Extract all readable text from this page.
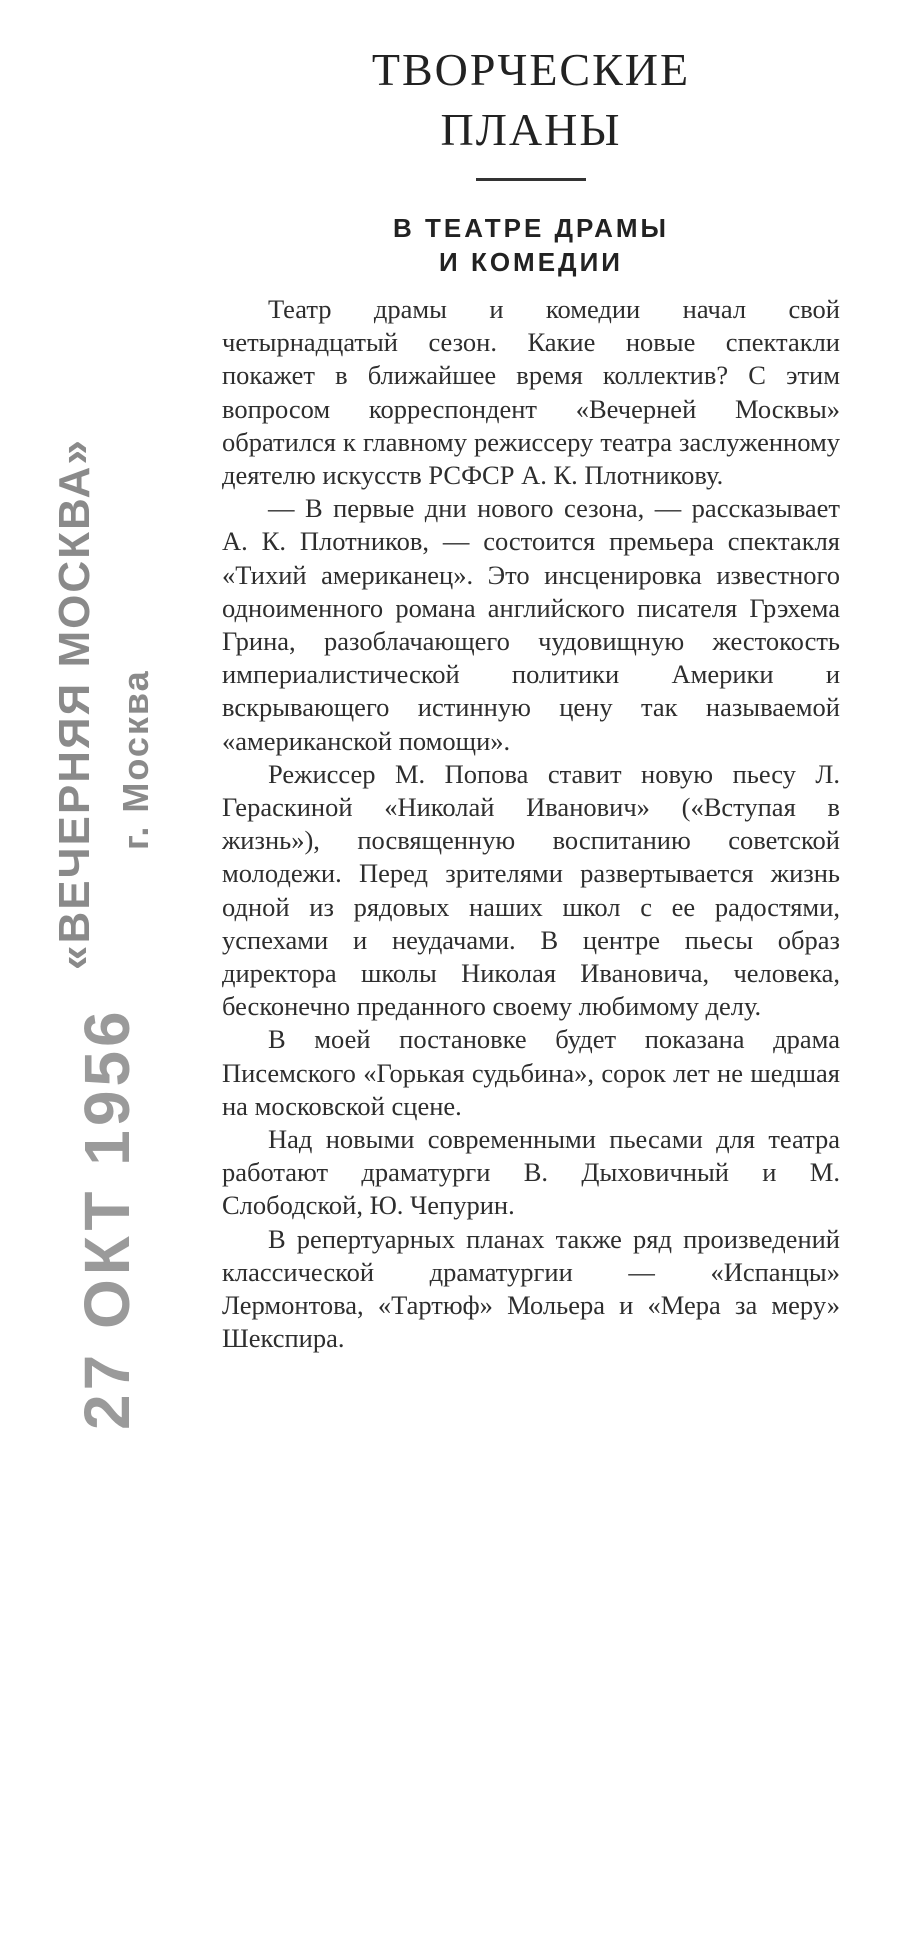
«ВЕЧЕРНЯЯ МОСКВА» г. Москва
27 ОКТ 1956
ТВОРЧЕСКИЕ
ПЛАНЫ
В ТЕАТРЕ ДРАМЫ
И КОМЕДИИ

Театр драмы и комедии начал свой четырнадцатый сезон. Какие новые спектакли покажет в ближайшее время коллектив? С этим вопросом корреспондент «Вечерней Москвы» обратился к главному режиссеру театра заслуженному деятелю искусств РСФСР А. К. Плотникову.

— В первые дни нового сезона, — рассказывает А. К. Плотников, — состоится премьера спектакля «Тихий американец». Это инсценировка известного одноименного романа английского писателя Грэхема Грина, разоблачающего чудовищную жестокость империалистической политики Америки и вскрывающего истинную цену так называемой «американской помощи».

Режиссер М. Попова ставит новую пьесу Л. Гераскиной «Николай Иванович» («Вступая в жизнь»), посвященную воспитанию советской молодежи. Перед зрителями развертывается жизнь одной из рядовых наших школ с ее радостями, успехами и неудачами. В центре пьесы образ директора школы Николая Ивановича, человека, бесконечно преданного своему любимому делу.

В моей постановке будет показана драма Писемского «Горькая судьбина», сорок лет не шедшая на московской сцене.

Над новыми современными пьесами для театра работают драматурги В. Дыховичный и М. Слободской, Ю. Чепурин.

В репертуарных планах также ряд произведений классической драматургии — «Испанцы» Лермонтова, «Тартюф» Мольера и «Мера за меру» Шекспира.
